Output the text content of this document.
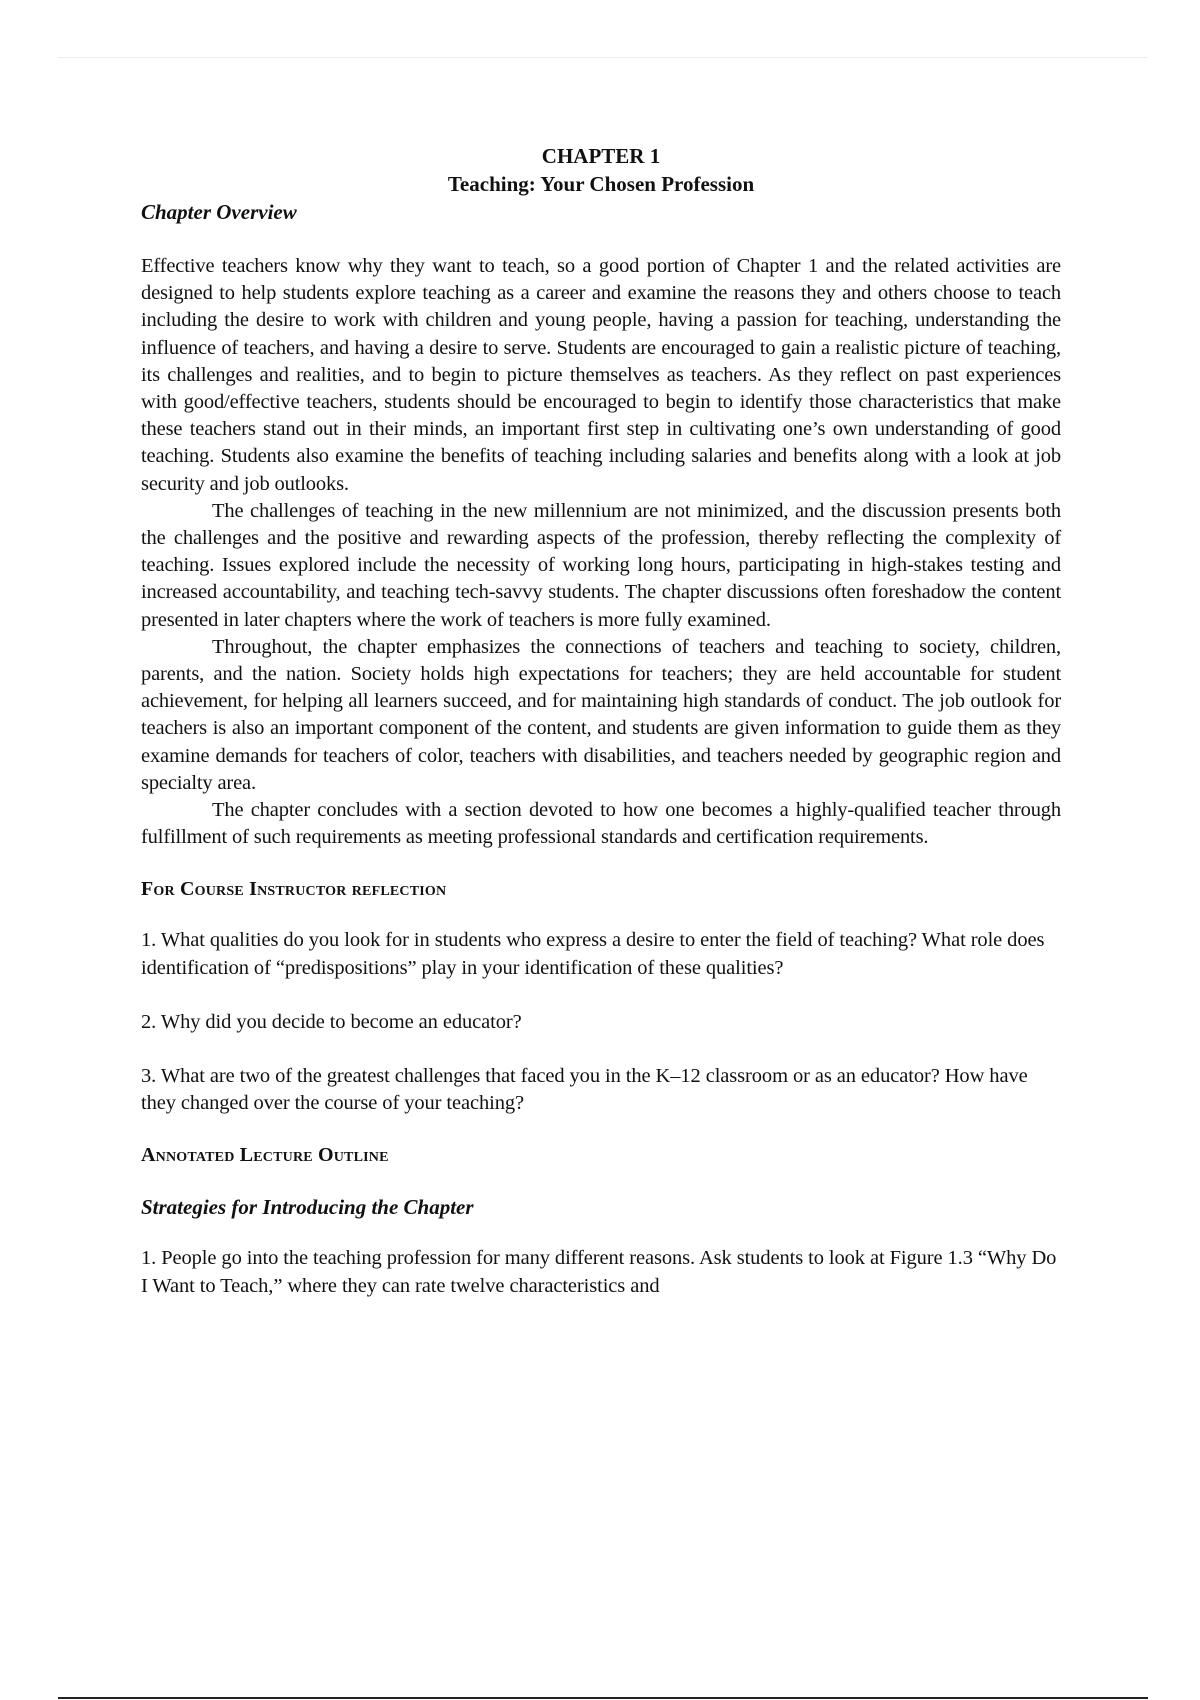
CHAPTER 1

Teaching: Your Chosen Profession

Chapter Overview

Effective teachers know why they want to teach, so a good portion of Chapter 1 and the related activities are designed to help students explore teaching as a career and examine the reasons they and others choose to teach including the desire to work with children and young people, having a passion for teaching, understanding the influence of teachers, and having a desire to serve. Students are encouraged to gain a realistic picture of teaching, its challenges and realities, and to begin to picture themselves as teachers. As they reflect on past experiences with good/effective teachers, students should be encouraged to begin to identify those characteristics that make these teachers stand out in their minds, an important first step in cultivating one’s own understanding of good teaching. Students also examine the benefits of teaching including salaries and benefits along with a look at job security and job outlooks.

The challenges of teaching in the new millennium are not minimized, and the discussion presents both the challenges and the positive and rewarding aspects of the profession, thereby reflecting the complexity of teaching. Issues explored include the necessity of working long hours, participating in high-stakes testing and increased accountability, and teaching tech-savvy students. The chapter discussions often foreshadow the content presented in later chapters where the work of teachers is more fully examined.

Throughout, the chapter emphasizes the connections of teachers and teaching to society, children, parents, and the nation. Society holds high expectations for teachers; they are held accountable for student achievement, for helping all learners succeed, and for maintaining high standards of conduct. The job outlook for teachers is also an important component of the content, and students are given information to guide them as they examine demands for teachers of color, teachers with disabilities, and teachers needed by geographic region and specialty area.

The chapter concludes with a section devoted to how one becomes a highly-qualified teacher through fulfillment of such requirements as meeting professional standards and certification requirements.

For Course Instructor reflection

1. What qualities do you look for in students who express a desire to enter the field of teaching? What role does identification of “predispositions” play in your identification of these qualities?

2. Why did you decide to become an educator?

3. What are two of the greatest challenges that faced you in the K–12 classroom or as an educator? How have they changed over the course of your teaching?

Annotated Lecture Outline

Strategies for Introducing the Chapter

1. People go into the teaching profession for many different reasons. Ask students to look at Figure 1.3 “Why Do I Want to Teach,” where they can rate twelve characteristics and
